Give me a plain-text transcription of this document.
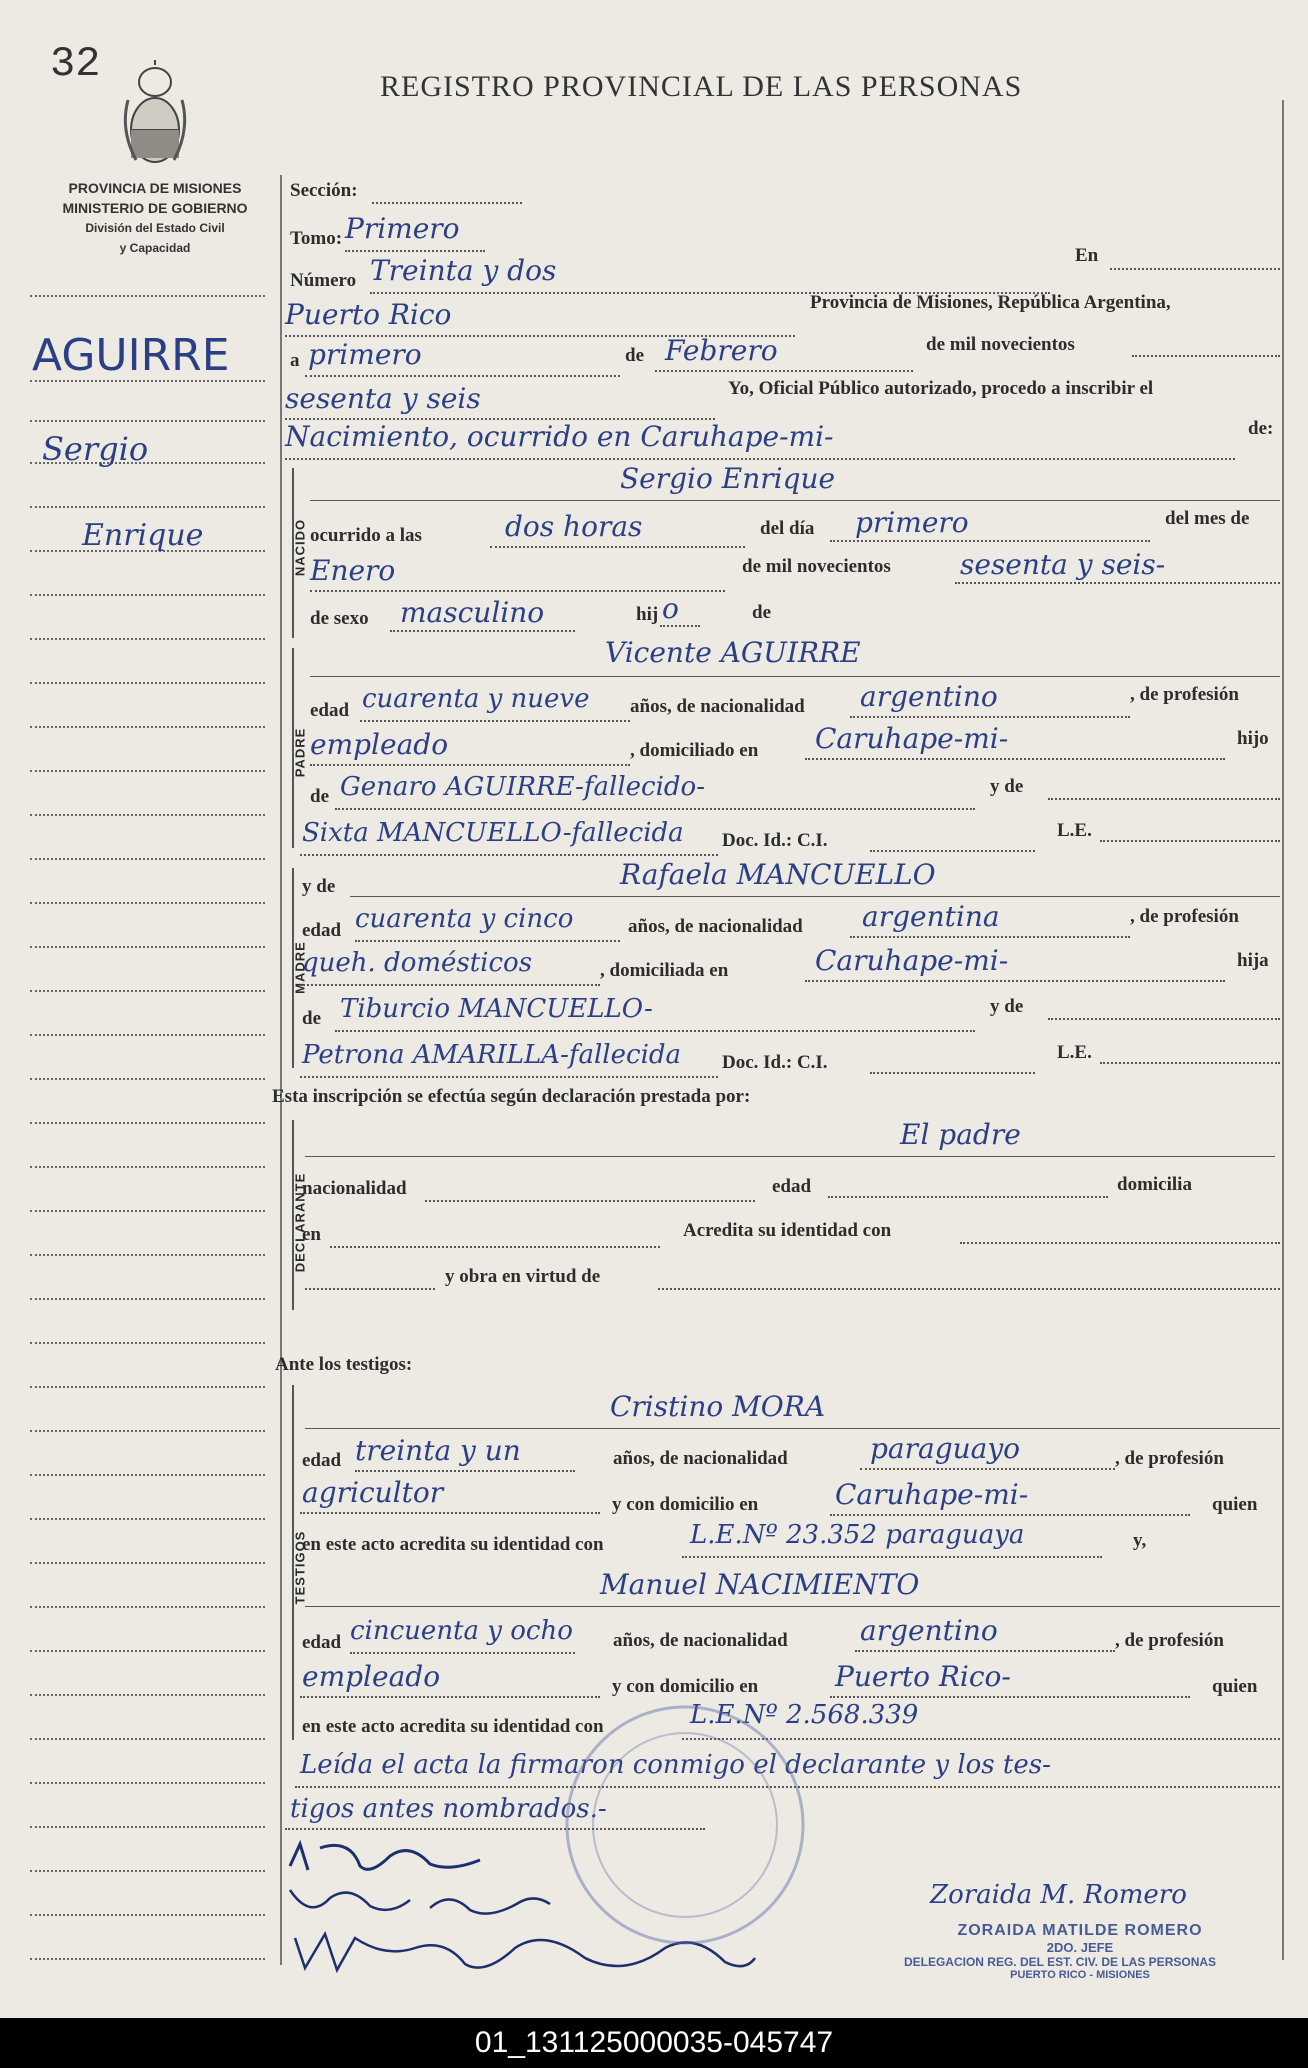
32	REGISTRO PROVINCIAL DE LAS PERSONAS
PROVINCIA DE MISIONES
MINISTERIO DE GOBIERNO
División del Estado Civil
y Capacidad
AGUIRRE
Sergio
Enrique
Sección:
Tomo: Primero
Número Treinta y dos	En
Puerto Rico	Provincia de Misiones, República Argentina,
a primero	de Febrero	de mil novecientos
sesenta y seis	Yo, Oficial Público autorizado, procedo a inscribir el
Nacimiento, ocurrido en Caruhape-mi-	de:
NACIDO
Sergio Enrique
ocurrido a las	dos horas	del día primero	del mes de
Enero	de mil novecientos sesenta y seis-
de sexo masculino	hij o	de
PADRE
Vicente AGUIRRE
edad cuarenta y nueve años, de nacionalidad argentino	, de profesión
empleado	, domiciliado en Caruhape-mi-	hijo
de Genaro AGUIRRE-fallecido-	y de
Sixta MANCUELLO-fallecida Doc. Id.: C.I.	L.E.
MADRE
y de	Rafaela MANCUELLO
edad cuarenta y cinco	años, de nacionalidad argentina	, de profesión
queh. domésticos	, domiciliada en	Caruhape-mi-	hija
de Tiburcio MANCUELLO-	y de
Petrona AMARILLA-fallecida Doc. Id.: C.I.	L.E.
Esta inscripción se efectúa según declaración prestada por:
DECLARANTE
El padre
nacionalidad	edad	domicilia
en	Acredita su identidad con
y obra en virtud de
Ante los testigos:
TESTIGOS
Cristino MORA
edad treinta y un	años, de nacionalidad	paraguayo	, de profesión
agricultor	y con domicilio en	Caruhape-mi-	quien
en este acto acredita su identidad con	L.E.Nº 23.352 paraguaya	y,
Manuel NACIMIENTO
edad cincuenta y ocho años, de nacionalidad	argentino	, de profesión
empleado	y con domicilio en	Puerto Rico-	quien
en este acto acredita su identidad con	L.E.Nº 2.568.339
Leída el acta la firmaron conmigo el declarante y los tes-
tigos antes nombrados.-
Zoraida M. Romero
ZORAIDA MATILDE ROMERO
2DO. JEFE
DELEGACION REG. DEL EST. CIV. DE LAS PERSONAS
PUERTO RICO - MISIONES
01_131125000035-045747
